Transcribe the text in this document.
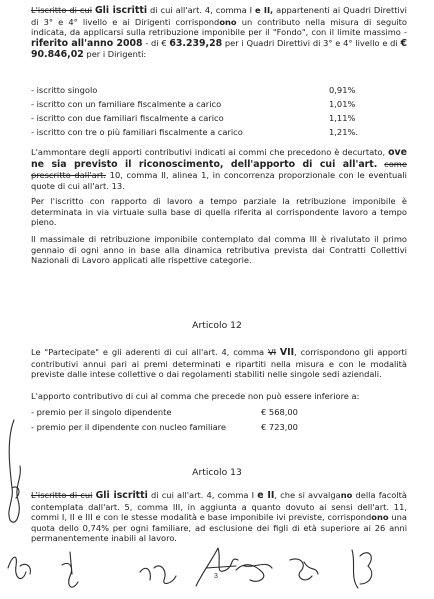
L'iscritto di cui Gli iscritti di cui all'art. 4, comma I e II, appartenenti ai Quadri Direttivi di 3° e 4° livello e ai Dirigenti corrispondono un contributo nella misura di seguito indicata, da applicarsi sulla retribuzione imponibile per il "Fondo", con il limite massimo - riferito all'anno 2008 - di € 63.239,28 per i Quadri Direttivi di 3° e 4° livello e di € 90.846,02 per i Dirigenti:

- iscritto singolo	0,91%
- iscritto con un familiare fiscalmente a carico	1,01%
- iscritto con due familiari fiscalmente a carico	1,11%
- iscritto con tre o più familiari fiscalmente a carico	1,21%.

L'ammontare degli apporti contributivi indicati ai commi che precedono è decurtato, ove ne sia previsto il riconoscimento, dell'apporto di cui all'art. come prescritto dall'art. 10, comma II, alinea 1, in concorrenza proporzionale con le eventuali quote di cui all'art. 13.

Per l'iscritto con rapporto di lavoro a tempo parziale la retribuzione imponibile è determinata in via virtuale sulla base di quella riferita al corrispondente lavoro a tempo pieno.

Il massimale di retribuzione imponibile contemplato dal comma III è rivalutato il primo gennaio di ogni anno in base alla dinamica retributiva prevista dai Contratti Collettivi Nazionali di Lavoro applicati alle rispettive categorie.

Articolo 12

Le "Partecipate" e gli aderenti di cui all'art. 4, comma VI VII, corrispondono gli apporti contributivi annui pari ai premi determinati e ripartiti nella misura e con le modalità previste dalle intese collettive o dai regolamenti stabiliti nelle singole sedi aziendali.

L'apporto contributivo di cui al comma che precede non può essere inferiore a:

- premio per il singolo dipendente	€ 568,00
- premio per il dipendente con nucleo familiare	€ 723,00
Articolo 13

L'iscritto di cui Gli iscritti di cui all'art. 4, comma I e II, che si avvalgano della facoltà contemplata dall'art. 5, comma III, in aggiunta a quanto dovuto ai sensi dell'art. 11, commi I, II e III e con le stesse modalità e base imponibile ivi previste, corrispondono una quota dello 0,74% per ogni familiare, ad esclusione dei figli di età superiore ai 26 anni permanentemente inabili al lavoro.

3
